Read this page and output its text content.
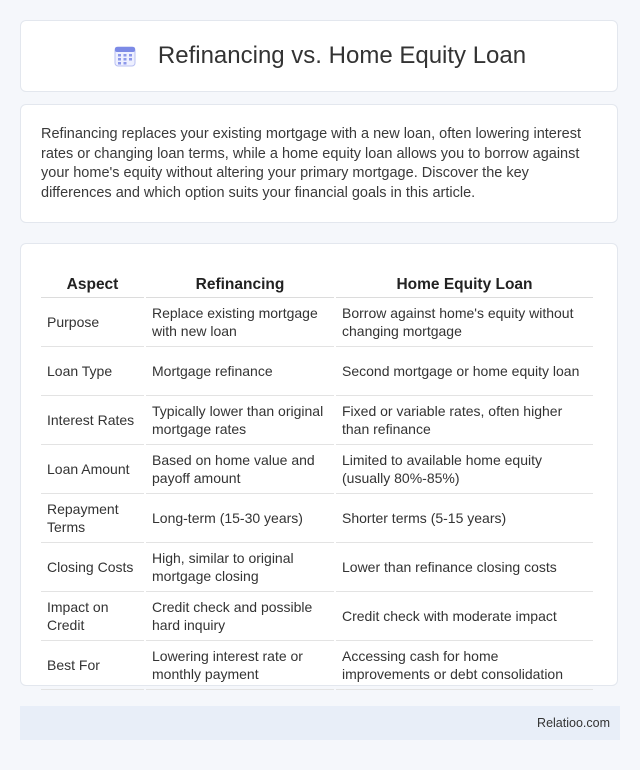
Refinancing vs. Home Equity Loan

Refinancing replaces your existing mortgage with a new loan, often lowering interest rates or changing loan terms, while a home equity loan allows you to borrow against your home's equity without altering your primary mortgage. Discover the key differences and which option suits your financial goals in this article.

Aspect	Refinancing	Home Equity Loan
Purpose	Replace existing mortgage with new loan	Borrow against home's equity without changing mortgage
Loan Type	Mortgage refinance	Second mortgage or home equity loan
Interest Rates	Typically lower than original mortgage rates	Fixed or variable rates, often higher than refinance
Loan Amount	Based on home value and payoff amount	Limited to available home equity (usually 80%-85%)
Repayment Terms	Long-term (15-30 years)	Shorter terms (5-15 years)
Closing Costs	High, similar to original mortgage closing	Lower than refinance closing costs
Impact on Credit	Credit check and possible hard inquiry	Credit check with moderate impact
Best For	Lowering interest rate or monthly payment	Accessing cash for home improvements or debt consolidation
Relatioo.com
